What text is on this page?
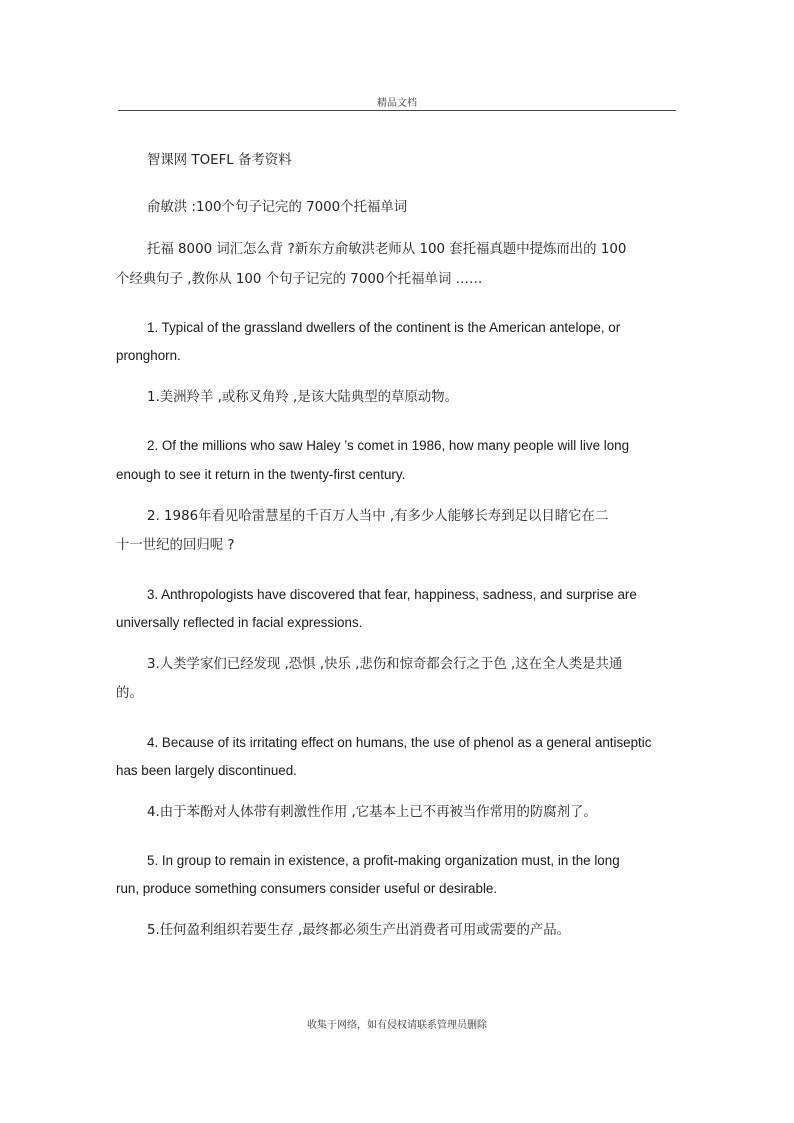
精品文档
智课网 TOEFL 备考资料
俞敏洪 :100个句子记完的 7000个托福单词
托福 8000 词汇怎么背 ?新东方俞敏洪老师从 100 套托福真题中提炼而出的 100
个经典句子 ,教你从 100 个句子记完的 7000个托福单词 ……
1. Typical of the grassland dwellers of the continent is the American antelope, or
pronghorn.
1.美洲羚羊 ,或称叉角羚 ,是该大陆典型的草原动物。
2. Of the millions who saw Haley ’s comet in 1986, how many people will live long
enough to see it return in the twenty-first century.
2. 1986年看见哈雷慧星的千百万人当中 ,有多少人能够长寿到足以目睹它在二
十一世纪的回归呢 ?
3. Anthropologists have discovered that fear, happiness, sadness, and surprise are
universally reflected in facial expressions.
3.人类学家们已经发现 ,恐惧 ,快乐 ,悲伤和惊奇都会行之于色 ,这在全人类是共通
的。
4. Because of its irritating effect on humans, the use of phenol as a general antiseptic
has been largely discontinued.
4.由于苯酚对人体带有刺激性作用 ,它基本上已不再被当作常用的防腐剂了。
5. In group to remain in existence, a profit-making organization must, in the long
run, produce something consumers consider useful or desirable.
5.任何盈利组织若要生存 ,最终都必须生产出消费者可用或需要的产品。
收集于网络，如有侵权请联系管理员删除
